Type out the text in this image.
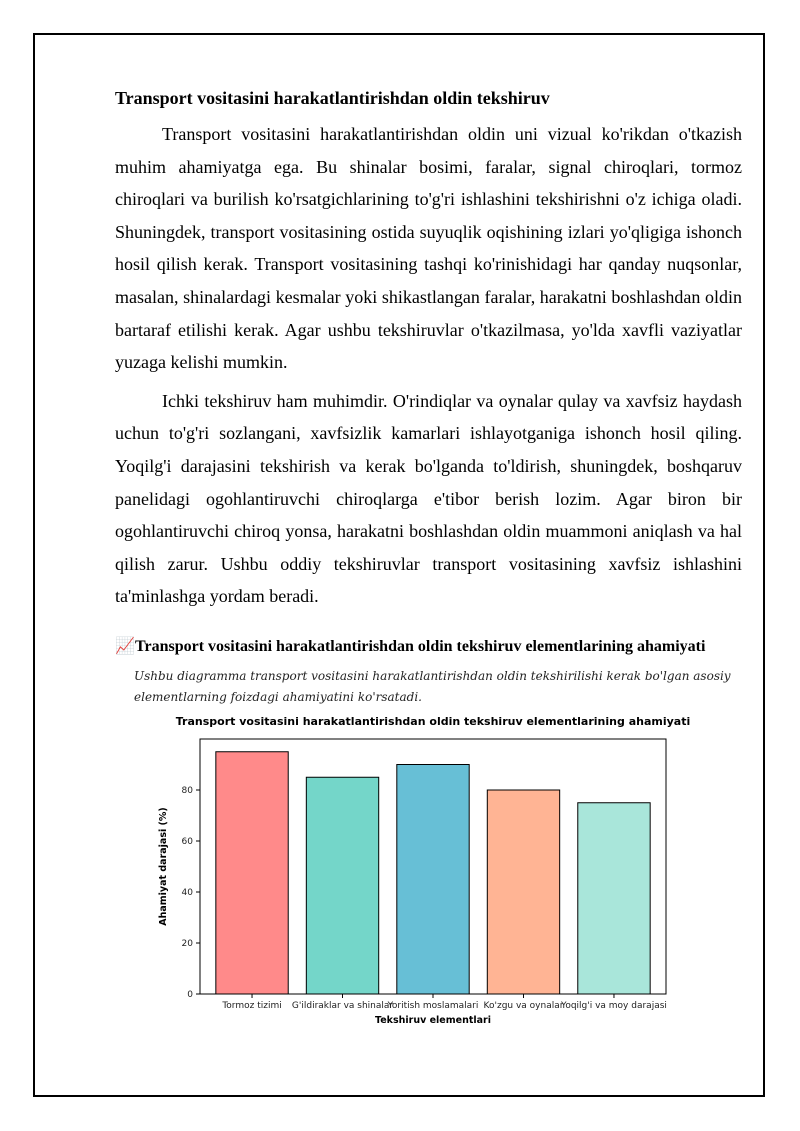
Transport vositasini harakatlantirishdan oldin tekshiruv

Transport vositasini harakatlantirishdan oldin uni vizual ko'rikdan o'tkazish muhim ahamiyatga ega. Bu shinalar bosimi, faralar, signal chiroqlari, tormoz chiroqlari va burilish ko'rsatgichlarining to'g'ri ishlashini tekshirishni o'z ichiga oladi. Shuningdek, transport vositasining ostida suyuqlik oqishining izlari yo'qligiga ishonch hosil qilish kerak. Transport vositasining tashqi ko'rinishidagi har qanday nuqsonlar, masalan, shinalardagi kesmalar yoki shikastlangan faralar, harakatni boshlashdan oldin bartaraf etilishi kerak. Agar ushbu tekshiruvlar o'tkazilmasa, yo'lda xavfli vaziyatlar yuzaga kelishi mumkin.

Ichki tekshiruv ham muhimdir. O'rindiqlar va oynalar qulay va xavfsiz haydash uchun to'g'ri sozlangani, xavfsizlik kamarlari ishlayotganiga ishonch hosil qiling. Yoqilg'i darajasini tekshirish va kerak bo'lganda to'ldirish, shuningdek, boshqaruv panelidagi ogohlantiruvchi chiroqlarga e'tibor berish lozim. Agar biron bir ogohlantiruvchi chiroq yonsa, harakatni boshlashdan oldin muammoni aniqlash va hal qilish zarur. Ushbu oddiy tekshiruvlar transport vositasining xavfsiz ishlashini ta'minlashga yordam beradi.

📈Transport vositasini harakatlantirishdan oldin tekshiruv elementlarining ahamiyati
Ushbu diagramma transport vositasini harakatlantirishdan oldin tekshirilishi kerak bo'lgan asosiy elementlarning foizdagi ahamiyatini ko'rsatadi.
Transport vositasini harakatlantirishdan oldin tekshiruv elementlarining ahamiyati
0
20
40
60
80
Tormoz tizimi G'ildiraklar va shinalar
Yoritish moslamalari Ko'zgu va oynalar
Yoqilg'i va moy darajasi
Tekshiruv elementlari
Ahamiyat darajasi (%)
